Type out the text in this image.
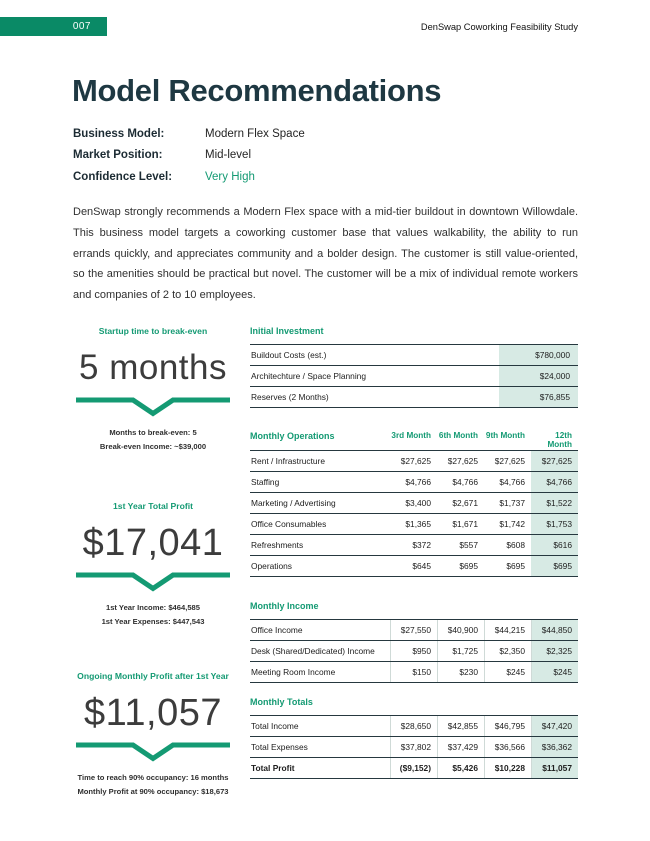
007	DenSwap Coworking Feasibility Study
Model Recommendations
Business Model:	Modern Flex Space
Market Position:	Mid-level
Confidence Level:	Very High

DenSwap strongly recommends a Modern Flex space with a mid-tier buildout in downtown Willowdale. This business model targets a coworking customer base that values walkability, the ability to run errands quickly, and appreciates community and a bolder design. The customer is still value-oriented, so the amenities should be practical but novel. The customer will be a mix of individual remote workers and companies of 2 to 10 employees.

Startup time to break-even
5 months
Months to break-even: 5
Break-even Income: ~$39,000
1st Year Total Profit
$17,041
1st Year Income: $464,585
1st Year Expenses: $447,543
Ongoing Monthly Profit after 1st Year
$11,057
Time to reach 90% occupancy: 16 months
Monthly Profit at 90% occupancy: $18,673
Initial Investment
Buildout Costs (est.)	$780,000
Architechture / Space Planning	$24,000
Reserves (2 Months)	$76,855
Monthly Operations	3rd Month 6th Month 9th Month	12th Month
Rent / Infrastructure	$27,625	$27,625	$27,625	$27,625
Staffing	$4,766	$4,766	$4,766	$4,766
Marketing / Advertising	$3,400	$2,671	$1,737	$1,522
Office Consumables	$1,365	$1,671	$1,742	$1,753
Refreshments	$372	$557	$608	$616
Operations	$645	$695	$695	$695
Monthly Income
Office Income	$27,550	$40,900	$44,215	$44,850
Desk (Shared/Dedicated) Income	$950	$1,725	$2,350	$2,325
Meeting Room Income	$150	$230	$245	$245
Monthly Totals
Total Income	$28,650	$42,855	$46,795	$47,420
Total Expenses	$37,802	$37,429	$36,566	$36,362
Total Profit	($9,152)	$5,426	$10,228	$11,057
